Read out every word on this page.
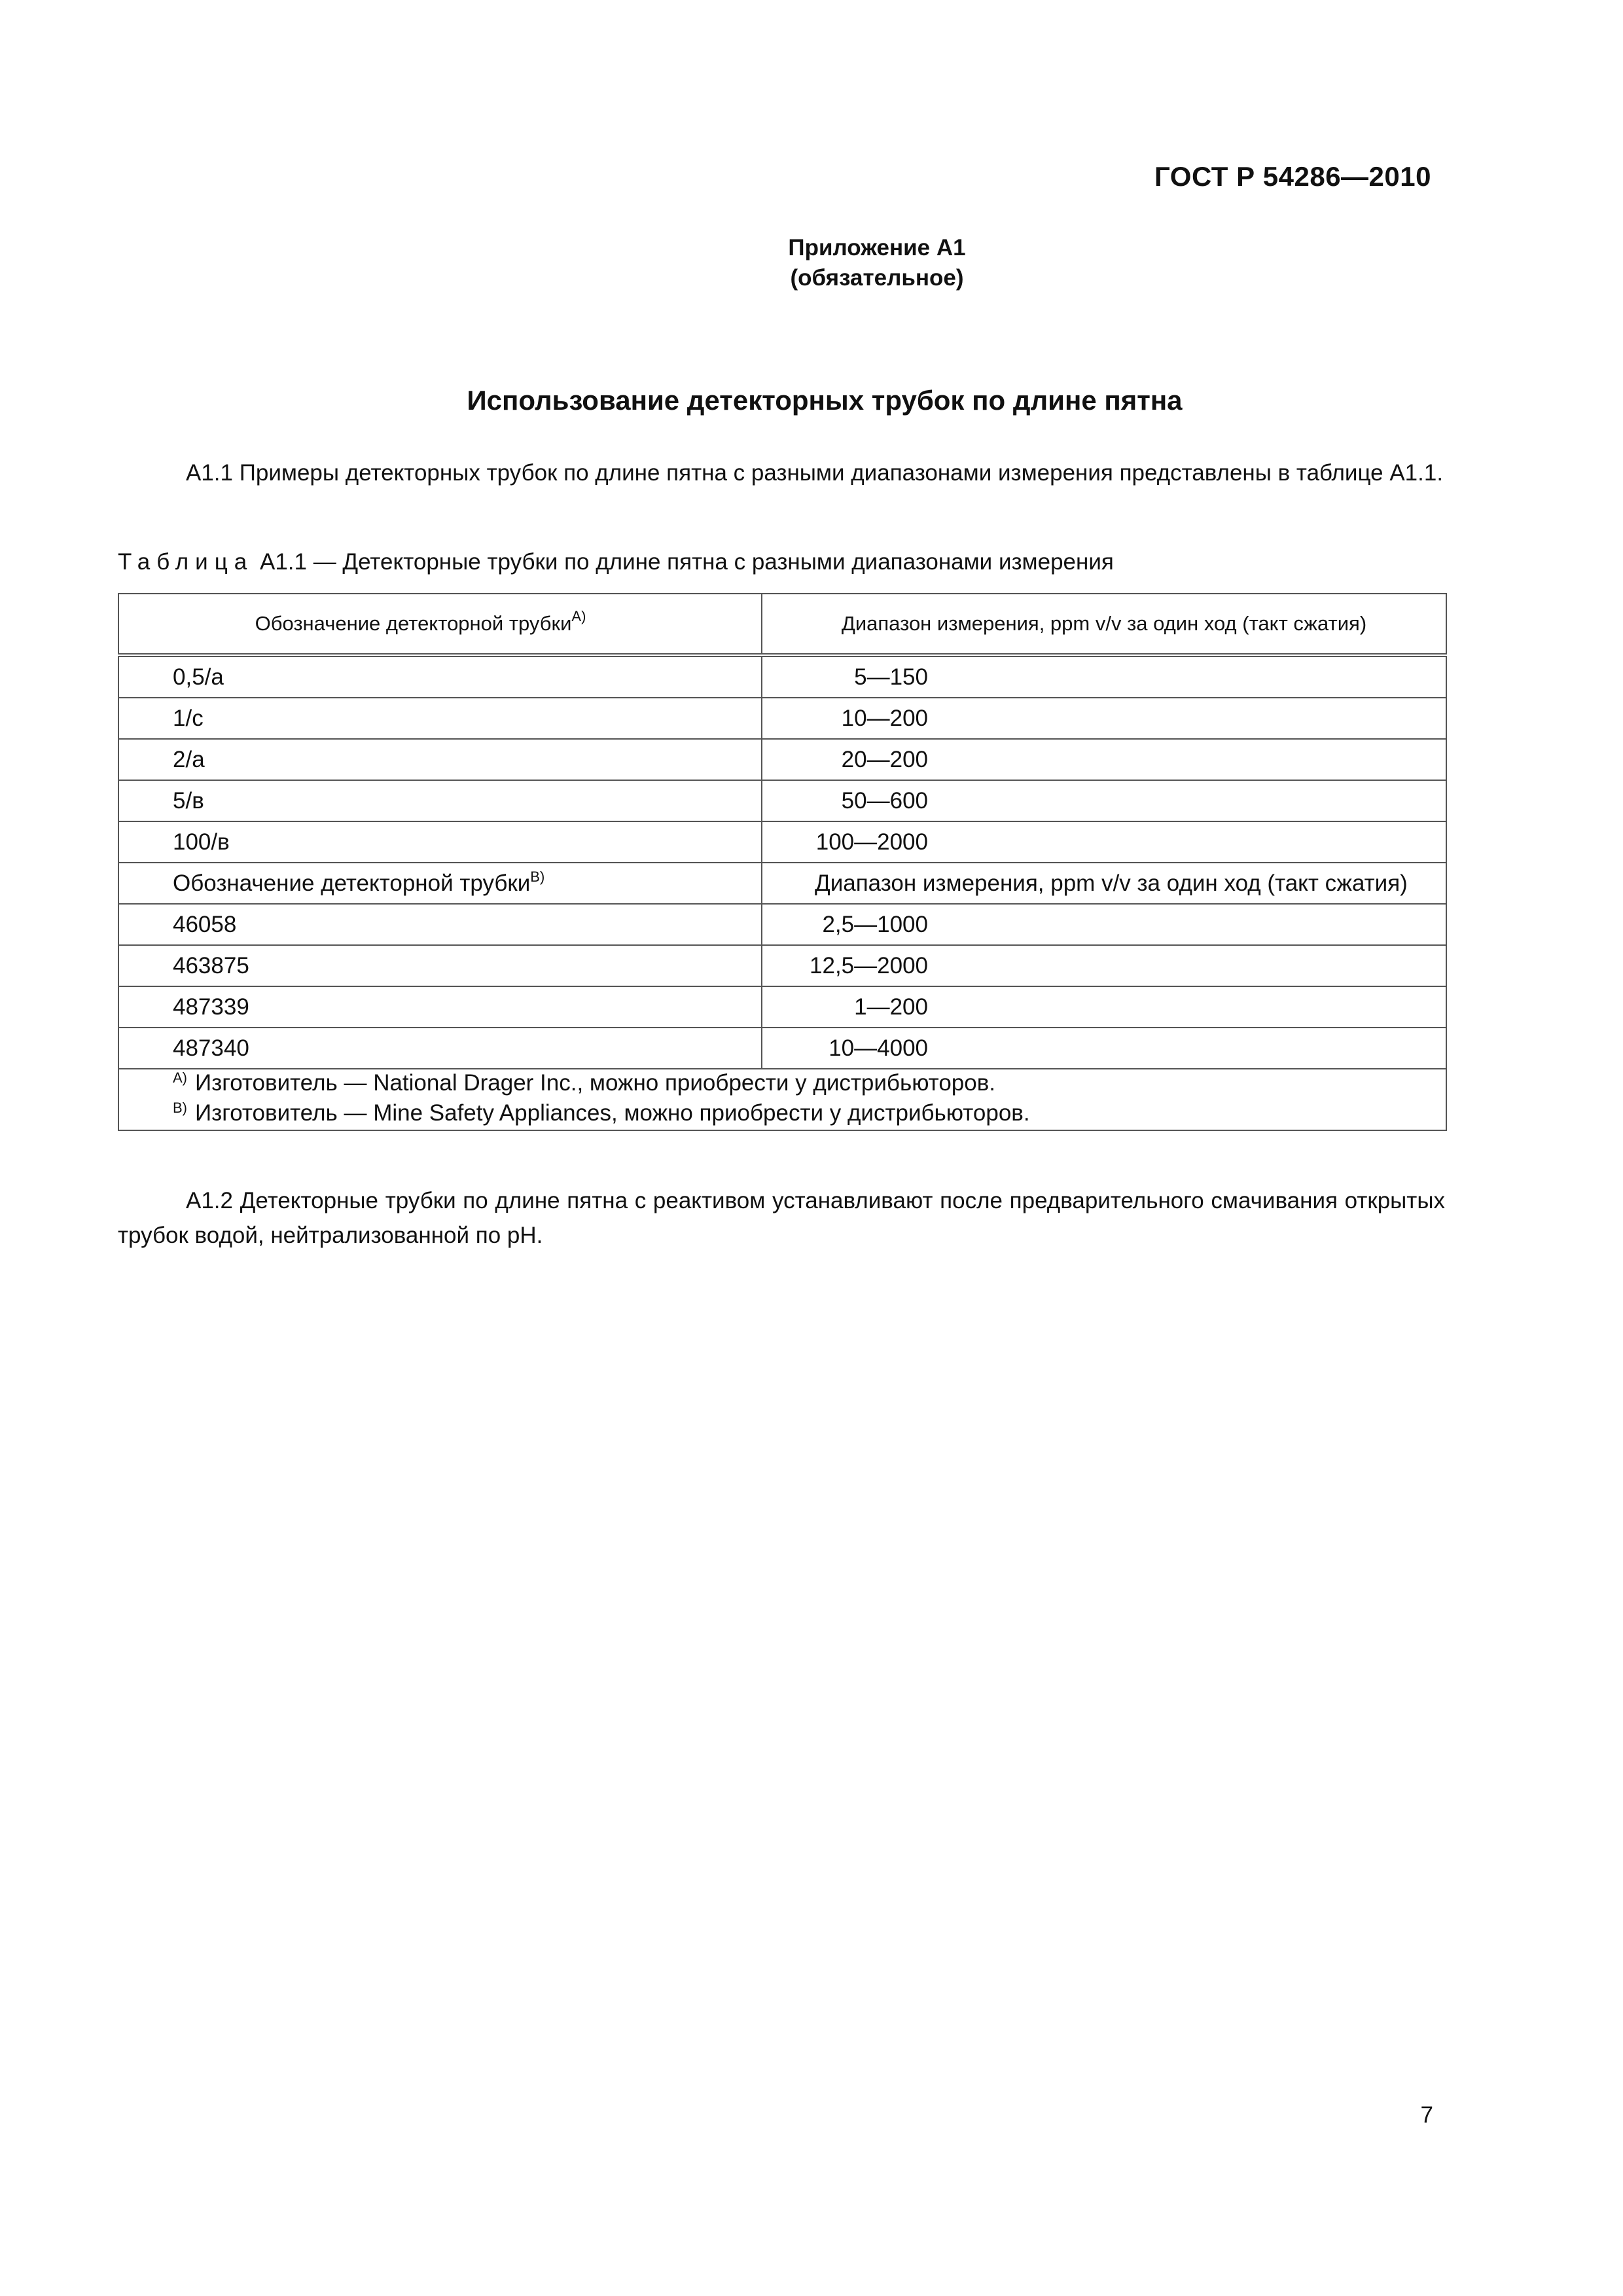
ГОСТ Р 54286—2010
Приложение А1
(обязательное)
Использование детекторных трубок по длине пятна
А1.1 Примеры детекторных трубок по длине пятна с разными диапазонами измерения представлены в таблице А1.1.
Таблица А1.1 — Детекторные трубки по длине пятна с разными диапазонами измерения
Обозначение детекторной трубки$^{А)}$	Диапазон измерения, ppm v/v за один ход (такт сжатия)
0,5/a	5—150
1/c	10—200
2/a	20—200
5/в	50—600
100/в	100—2000
Обозначение детекторной трубки$^{В)}$	Диапазон измерения, ppm v/v за один ход (такт сжатия)
46058	2,5—1000
463875	12,5—2000
487339	1—200
487340	10—4000

$^{А)}$ Изготовитель — National Drager Inc., можно приобрести у дистрибьюторов.
$^{В)}$ Изготовитель — Mine Safety Appliances, можно приобрести у дистрибьюторов.	
А1.2 Детекторные трубки по длине пятна с реактивом устанавливают после предварительного смачивания открытых трубок водой, нейтрализованной по pH.
7
